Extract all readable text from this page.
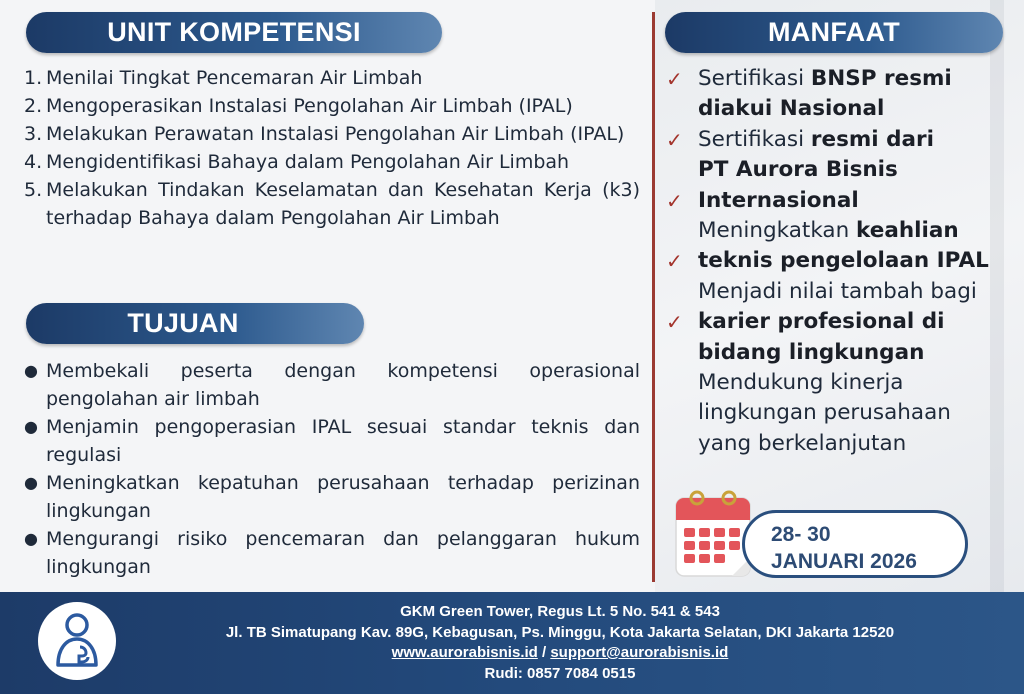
UNIT KOMPETENSI
1. Menilai Tingkat Pencemaran Air Limbah
2. Mengoperasikan Instalasi Pengolahan Air Limbah (IPAL)
3. Melakukan Perawatan Instalasi Pengolahan Air Limbah (IPAL)
4. Mengidentifikasi Bahaya dalam Pengolahan Air Limbah
5. Melakukan Tindakan Keselamatan dan Kesehatan Kerja (k3) terhadap Bahaya dalam Pengolahan Air Limbah
TUJUAN
● Membekali peserta dengan kompetensi operasional pengolahan air limbah
● Menjamin pengoperasian IPAL sesuai standar teknis dan regulasi
● Meningkatkan kepatuhan perusahaan terhadap perizinan lingkungan
● Mengurangi risiko pencemaran dan pelanggaran hukum lingkungan
MANFAAT
✓ Sertifikasi BNSP resmi
diakui Nasional
✓ Sertifikasi resmi dari
PT Aurora Bisnis
✓ Internasional
Meningkatkan keahlian
✓ teknis pengelolaan IPAL
Menjadi nilai tambah bagi
✓ karier profesional di
bidang lingkungan
Mendukung kinerja
lingkungan perusahaan
yang berkelanjutan
28- 30
JANUARI 2026
GKM Green Tower, Regus Lt. 5 No. 541 & 543
Jl. TB Simatupang Kav. 89G, Kebagusan, Ps. Minggu, Kota Jakarta Selatan, DKI Jakarta 12520
www.aurorabisnis.id / support@aurorabisnis.id
Rudi: 0857 7084 0515
